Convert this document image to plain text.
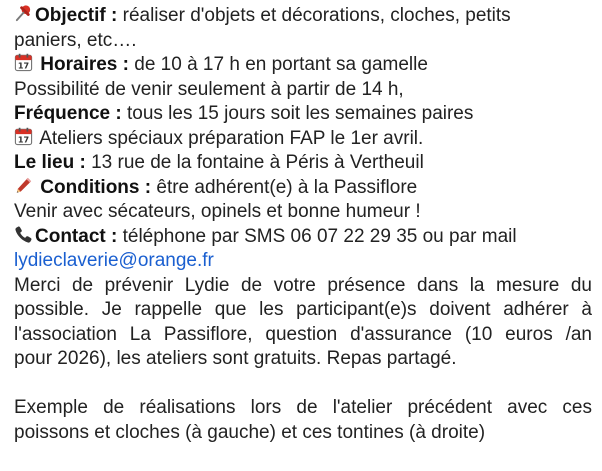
Objectif : réaliser d'objets et décorations, cloches, petits
paniers, etc….
17 Horaires : de 10 à 17 h en portant sa gamelle
Possibilité de venir seulement à partir de 14 h,
Fréquence : tous les 15 jours soit les semaines paires
17 Ateliers spéciaux préparation FAP le 1er avril.
Le lieu : 13 rue de la fontaine à Péris à Vertheuil
Conditions : être adhérent(e) à la Passiflore
Venir avec sécateurs, opinels et bonne humeur !
Contact : téléphone par SMS 06 07 22 29 35 ou par mail
lydieclaverie@orange.fr
Merci de prévenir Lydie de votre présence dans la mesure du
possible. Je rappelle que les participant(e)s doivent adhérer à
l'association La Passiflore, question d'assurance (10 euros /an
pour 2026), les ateliers sont gratuits. Repas partagé.
Exemple de réalisations lors de l'atelier précédent avec ces
poissons et cloches (à gauche) et ces tontines (à droite)
